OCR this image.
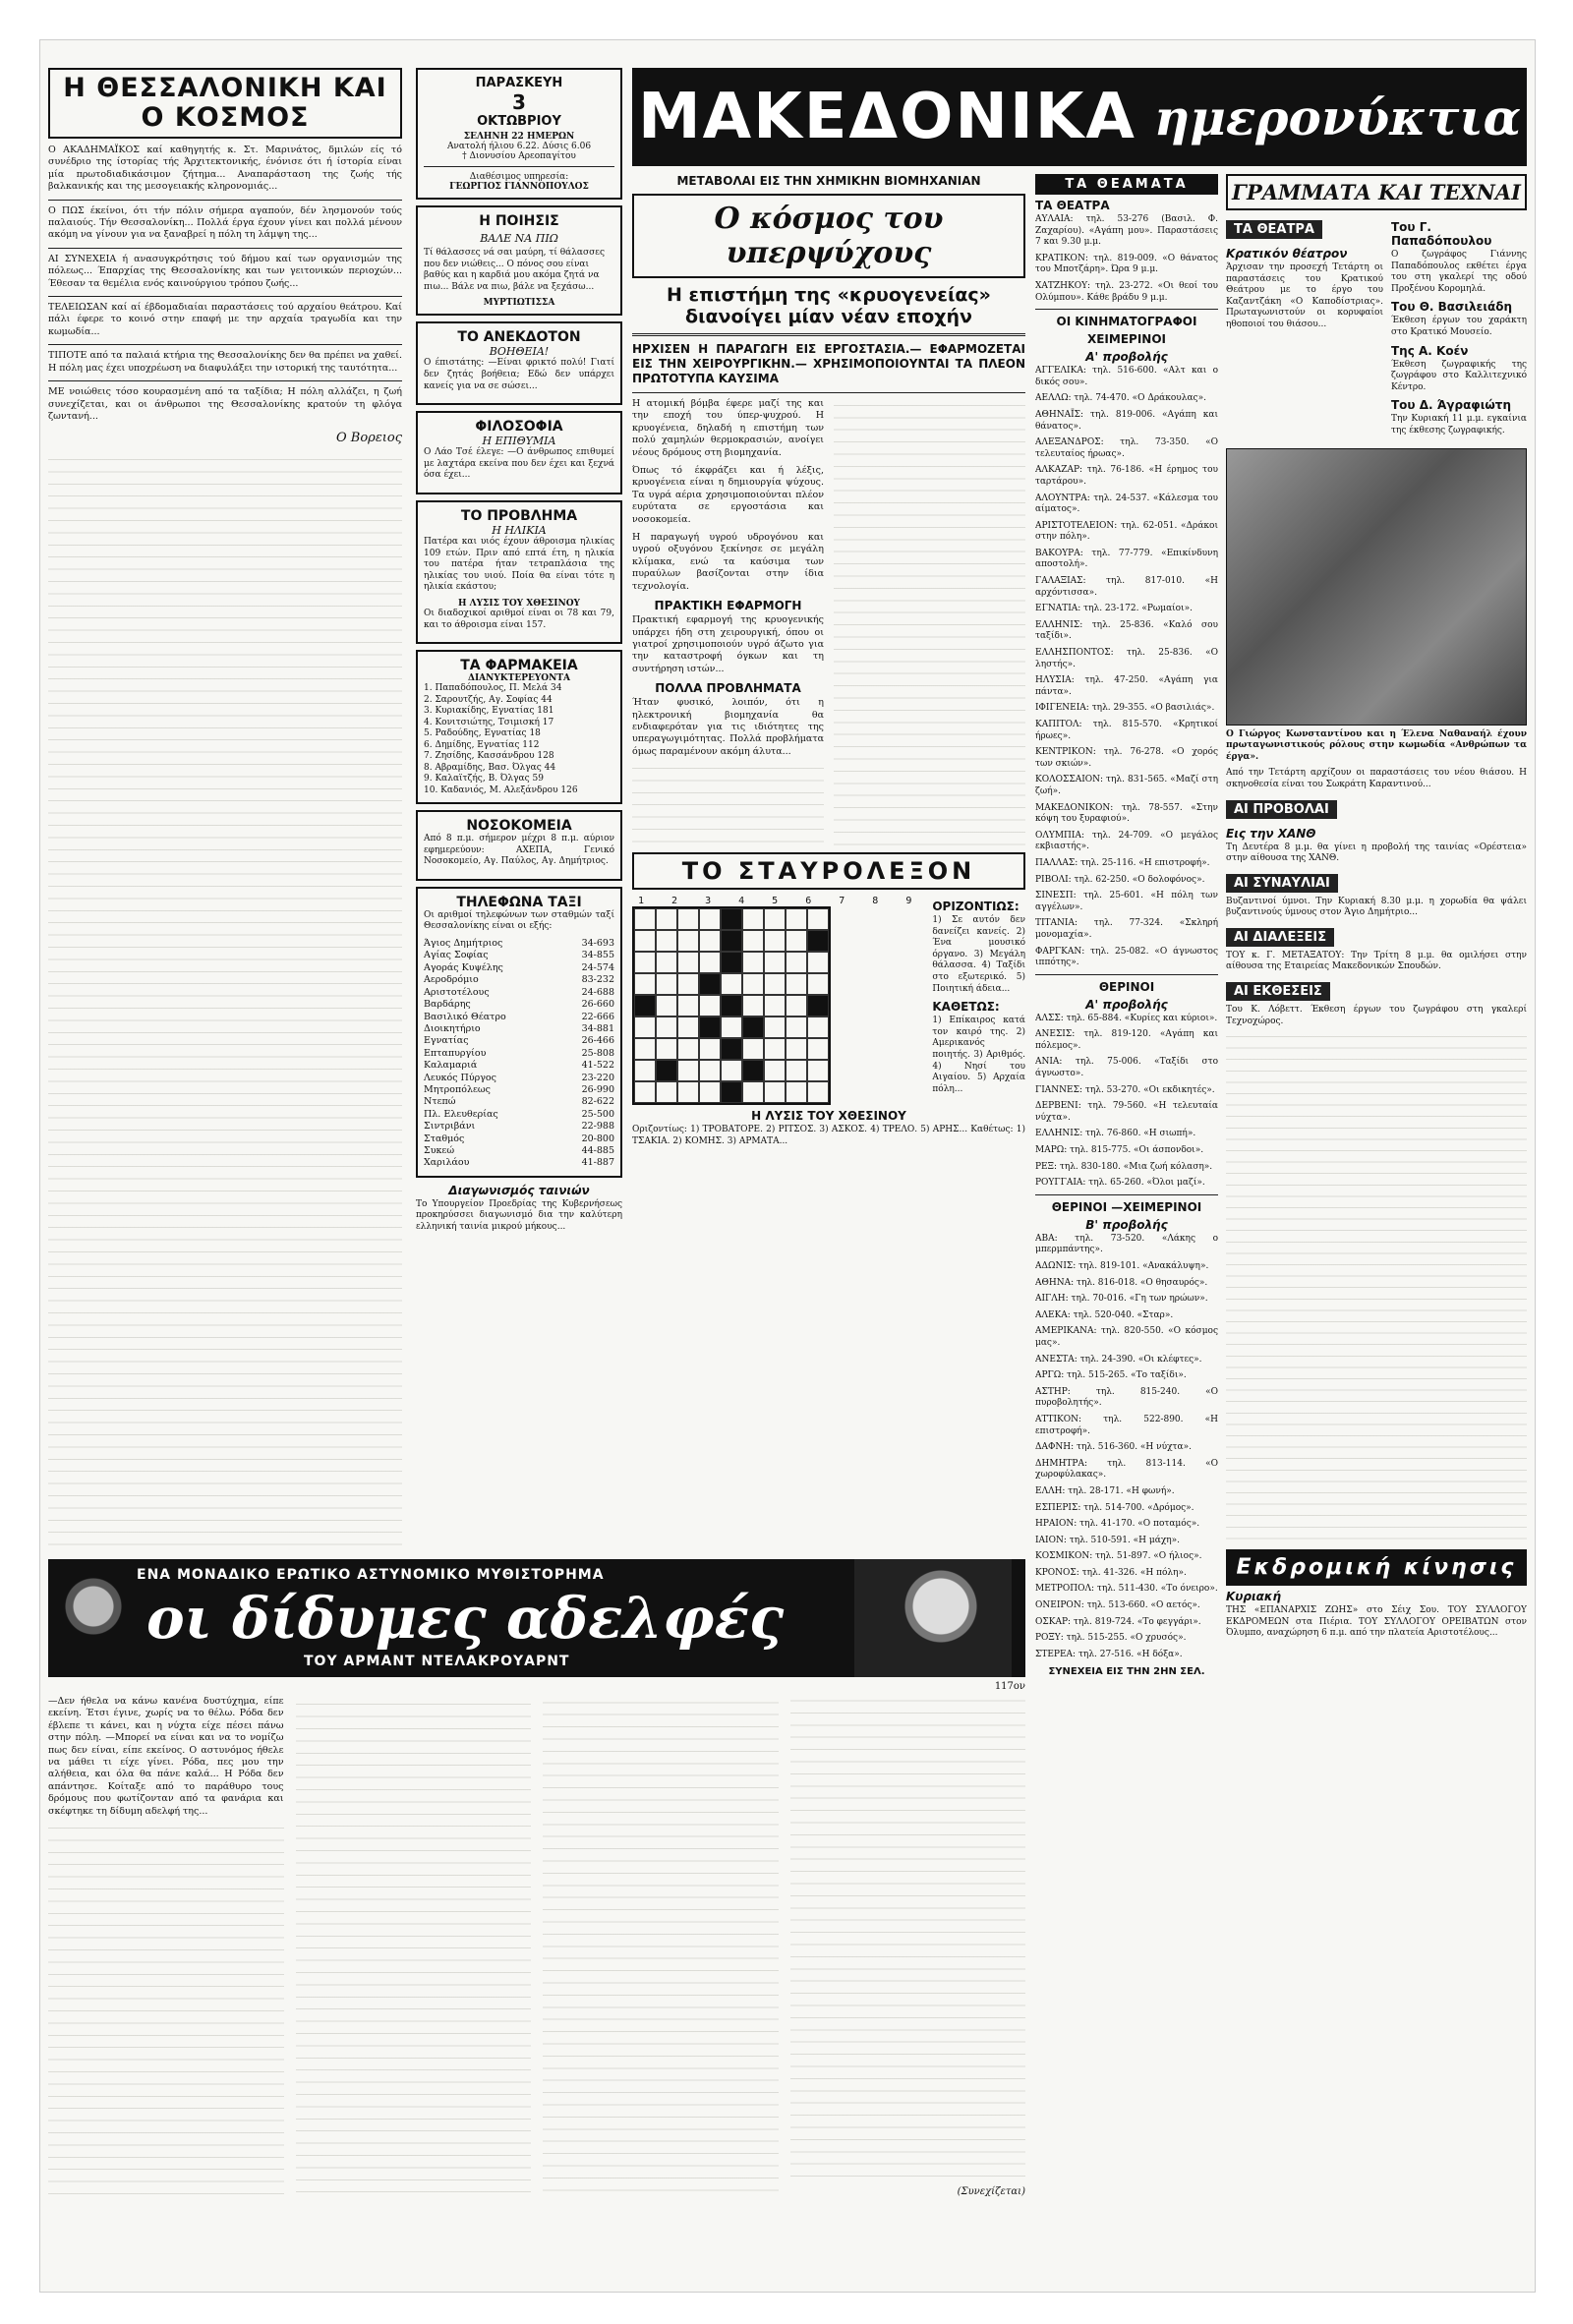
Η ΘΕΣΣΑΛΟΝΙΚΗ ΚΑΙ Ο ΚΟΣΜΟΣ

Ο ΑΚΑΔΗΜΑΪΚΟΣ καί καθηγητής κ. Στ. Μαρινάτος, δμιλών είς τό συνέδριο της ίστορίας τής Άρχιτεκτονικής, ένόνισε ότι ή ίστορία είναι μία πρωτοδιαδικάσιμον ζήτημα... Αναπαράσταση της ζωής τής βαλκανικής και της μεσογειακής κληρονομιάς...

Ο ΠΩΣ έκείνοι, ότι τήν πόλιν σήμερα αγαπούν, δέν λησμονούν τούς παλαιούς. Τήν Θεσσαλονίκη... Πολλά έργα έχουν γίνει και πολλά μένουν ακόμη να γίνουν για να ξαναβρεί η πόλη τη λάμψη της...

ΑΙ ΣΥΝΕΧΕΙΑ ή ανασυγκρότησις τού δήμου καί των οργανισμών της πόλεως... Έπαρχίας της Θεσσαλονίκης και των γειτονικών περιοχών... Έθεσαν τα θεμέλια ενός καινούργιου τρόπου ζωής...

ΤΕΛΕΙΩΣΑΝ καί αί έβδομαδιαίαι παραστάσεις τού αρχαίου θεάτρου. Καί πάλι έφερε το κοινό στην επαφή με την αρχαία τραγωδία και την κωμωδία...

ΤΙΠΟΤΕ από τα παλαιά κτήρια της Θεσσαλονίκης δεν θα πρέπει να χαθεί. Η πόλη μας έχει υποχρέωση να διαφυλάξει την ιστορική της ταυτότητα...

ΜΕ νοιώθεις τόσο κουρασμένη από τα ταξίδια; Η πόλη αλλάζει, η ζωή συνεχίζεται, και οι άνθρωποι της Θεσσαλονίκης κρατούν τη φλόγα ζωντανή...

Ο Βορειος
ΠΑΡΑΣΚΕΥΗ
3
ΟΚΤΩΒΡΙΟΥ
ΣΕΛΗΝΗ 22 ΗΜΕΡΩΝ
Ανατολή ήλιου 6.22. Δύσις 6.06
† Διονυσίου Αρεοπαγίτου
Διαθέσιμος υπηρεσία:
ΓΕΩΡΓΙΟΣ ΓΙΑΝΝΟΠΟΥΛΟΣ
Η ΠΟΙΗΣΙΣ
ΒΑΛΕ ΝΑ ΠΙΩ

Τί θάλασσες νά σαι μαύρη, τί θάλασσες που δεν νιώθεις... Ο πόνος σου είναι βαθύς και η καρδιά μου ακόμα ζητά να πιω... Βάλε να πιω, βάλε να ξεχάσω...

ΜΥΡΤΙΩΤΙΣΣΑ
ΤΟ ΑΝΕΚΔΟΤΟΝ
ΒΟΗΘΕΙΑ!

Ο έπιστάτης: —Είναι φρικτό πολύ! Γιατί δεν ζητάς βοήθεια; Εδώ δεν υπάρχει κανείς για να σε σώσει...

ΦΙΛΟΣΟΦΙΑ
Η ΕΠΙΘΥΜΙΑ

Ο Λάο Τσέ έλεγε: —Ο άνθρωπος επιθυμεί με λαχτάρα εκείνα που δεν έχει και ξεχνά όσα έχει...

ΤΟ ΠΡΟΒΛΗΜΑ
Η ΗΛΙΚΙΑ

Πατέρα και υιός έχουν άθροισμα ηλικίας 109 ετών. Πριν από επτά έτη, η ηλικία του πατέρα ήταν τετραπλάσια της ηλικίας του υιού. Ποία θα είναι τότε η ηλικία εκάστου;

Η ΛΥΣΙΣ ΤΟΥ ΧΘΕΣΙΝΟΥ

Οι διαδοχικοί αριθμοί είναι οι 78 και 79, και το άθροισμα είναι 157.

ΤΑ ΦΑΡΜΑΚΕΙΑ
ΔΙΑΝΥΚΤΕΡΕΥΟΝΤΑ
1. Παπαδόπουλος, Π. Μελά 34
2. Σαρουτζής, Αγ. Σοφίας 44
3. Κυριακίδης, Εγνατίας 181
4. Κονιτσιώτης, Τσιμισκή 17
5. Ραδούδης, Εγνατίας 18
6. Δημίδης, Εγνατίας 112
7. Ζησίδης, Κασσάνδρου 128
8. Αβραμίδης, Βασ. Όλγας 44
9. Καλαϊτζής, Β. Όλγας 59
10. Καδανιός, Μ. Αλεξάνδρου 126
ΝΟΣΟΚΟΜΕΙΑ

Από 8 π.μ. σήμερον μέχρι 8 π.μ. αύριον εφημερεύουν: ΑΧΕΠΑ, Γενικό Νοσοκομείο, Αγ. Παύλος, Αγ. Δημήτριος.

ΤΗΛΕΦΩΝΑ ΤΑΞΙ

Οι αριθμοί τηλεφώνων των σταθμών ταξί Θεσσαλονίκης είναι οι εξής:

Άγιος Δημήτριος	34-693
Αγίας Σοφίας	34-855
Αγοράς Κυψέλης	24-574
Αεροδρόμιο	83-232
Αριστοτέλους	24-688
Βαρδάρης	26-660
Βασιλικό Θέατρο	22-666
Διοικητήριο	34-881
Εγνατίας	26-466
Επταπυργίου	25-808
Καλαμαριά	41-522
Λευκός Πύργος	23-220
Μητροπόλεως	26-990
Ντεπώ	82-622
Πλ. Ελευθερίας	25-500
Σιντριβάνι	22-988
Σταθμός	20-800
Συκεώ	44-885
Χαριλάου	41-887
Διαγωνισμός ταινιών

Το Υπουργείον Προεδρίας της Κυβερνήσεως προκηρύσσει διαγωνισμό δια την καλύτερη ελληνική ταινία μικρού μήκους...

ΜΑΚΕΔΟΝΙΚΑ ημερονύκτια
ΜΕΤΑΒΟΛΑΙ ΕΙΣ ΤΗΝ ΧΗΜΙΚΗΝ ΒΙΟΜΗΧΑΝΙΑΝ
Ο κόσμος του υπερψύχους
Η επιστήμη της «κρυογενείας»
διανοίγει μίαν νέαν εποχήν

ΗΡΧΙΣΕΝ Η ΠΑΡΑΓΩΓΗ ΕΙΣ ΕΡΓΟΣΤΑΣΙΑ.— ΕΦΑΡΜΟΖΕΤΑΙ ΕΙΣ ΤΗΝ ΧΕΙΡΟΥΡΓΙΚΗΝ.— ΧΡΗΣΙΜΟΠΟΙΟΥΝΤΑΙ ΤΑ ΠΛΕΟΝ ΠΡΩΤΟΤΥΠΑ ΚΑΥΣΙΜΑ

Η ατομική βόμβα έφερε μαζί της και την εποχή του ύπερ-ψυχρού. Η κρυογένεια, δηλαδή η επιστήμη των πολύ χαμηλών θερμοκρασιών, ανοίγει νέους δρόμους στη βιομηχανία.

Όπως τό έκφράζει και ή λέξις, κρυογένεια είναι η δημιουργία ψύχους. Τα υγρά αέρια χρησιμοποιούνται πλέον ευρύτατα σε εργοστάσια και νοσοκομεία.

Η παραγωγή υγρού υδρογόνου και υγρού οξυγόνου ξεκίνησε σε μεγάλη κλίμακα, ενώ τα καύσιμα των πυραύλων βασίζονται στην ίδια τεχνολογία.

ΠΡΑΚΤΙΚΗ ΕΦΑΡΜΟΓΗ

Πρακτική εφαρμογή της κρυογενικής υπάρχει ήδη στη χειρουργική, όπου οι γιατροί χρησιμοποιούν υγρό άζωτο για την καταστροφή όγκων και τη συντήρηση ιστών...

ΠΟΛΛΑ ΠΡΟΒΛΗΜΑΤΑ

Ήταν φυσικό, λοιπόν, ότι η ηλεκτρονική βιομηχανία θα ενδιαφερόταν για τις ιδιότητες της υπεραγωγιμότητας. Πολλά προβλήματα όμως παραμένουν ακόμη άλυτα...

ΤΟ ΣΤΑΥΡΟΛΕΞΟΝ
1 2 3 4 5 6 7 8 9 ΟΡΙΖΟΝΤΙΩΣ:

1) Σε αυτόν δεν δανείζει κανείς. 2) Ένα μουσικό όργανο. 3) Μεγάλη θάλασσα. 4) Ταξίδι στο εξωτερικό. 5) Ποιητική άδεια...

ΚΑΘΕΤΩΣ:

1) Επίκαιρος κατά τον καιρό της. 2) Αμερικανός ποιητής. 3) Αριθμός. 4) Νησί του Αιγαίου. 5) Αρχαία πόλη...

Η ΛΥΣΙΣ ΤΟΥ ΧΘΕΣΙΝΟΥ

Οριζοντίως: 1) ΤΡΟΒΑΤΟΡΕ. 2) ΡΙΤΣΟΣ. 3) ΑΣΚΟΣ. 4) ΤΡΕΛΟ. 5) ΑΡΗΣ... Καθέτως: 1) ΤΣΑΚΙΑ. 2) ΚΟΜΗΣ. 3) ΑΡΜΑΤΑ...

ΤΑ ΘΕΑΜΑΤΑ
ΤΑ ΘΕΑΤΡΑ

ΑΥΛΑΙΑ: τηλ. 53-276 (Βασιλ. Φ. Ζαχαρίου). «Αγάπη μου». Παραστάσεις 7 και 9.30 μ.μ.

ΚΡΑΤΙΚΟΝ: τηλ. 819-009. «Ο θάνατος του Μποτζάρη». Ώρα 9 μ.μ.

ΧΑΤΖΗΚΟΥ: τηλ. 23-272. «Οι θεοί του Ολύμπου». Κάθε βράδυ 9 μ.μ.

ΟΙ ΚΙΝΗΜΑΤΟΓΡΑΦΟΙ
ΧΕΙΜΕΡΙΝΟΙ
Α' προβολής

ΑΓΓΕΛΙΚΑ: τηλ. 516-600. «Αλτ και ο δικός σου».

ΑΕΛΛΩ: τηλ. 74-470. «Ο Δράκουλας».

ΑΘΗΝΑΪΣ: τηλ. 819-006. «Αγάπη και θάνατος».

ΑΛΕΞΑΝΔΡΟΣ: τηλ. 73-350. «Ο τελευταίος ήρωας».

ΑΛΚΑΖΑΡ: τηλ. 76-186. «Η έρημος του ταρτάρου».

ΑΛΟΥΝΤΡΑ: τηλ. 24-537. «Κάλεσμα του αίματος».

ΑΡΙΣΤΟΤΕΛΕΙΟΝ: τηλ. 62-051. «Δράκοι στην πόλη».

ΒΑΚΟΥΡΑ: τηλ. 77-779. «Επικίνδυνη αποστολή».

ΓΑΛΑΞΙΑΣ: τηλ. 817-010. «Η αρχόντισσα».

ΕΓΝΑΤΙΑ: τηλ. 23-172. «Ρωμαίοι».

ΕΛΛΗΝΙΣ: τηλ. 25-836. «Καλό σου ταξίδι».

ΕΛΛΗΣΠΟΝΤΟΣ: τηλ. 25-836. «Ο ληστής».

ΗΛΥΣΙΑ: τηλ. 47-250. «Αγάπη για πάντα».

ΙΦΙΓΕΝΕΙΑ: τηλ. 29-355. «Ο βασιλιάς».

ΚΑΠΙΤΟΛ: τηλ. 815-570. «Κρητικοί ήρωες».

ΚΕΝΤΡΙΚΟΝ: τηλ. 76-278. «Ο χορός των σκιών».

ΚΟΛΟΣΣΑΙΟΝ: τηλ. 831-565. «Μαζί στη ζωή».

ΜΑΚΕΔΟΝΙΚΟΝ: τηλ. 78-557. «Στην κόψη του ξυραφιού».

ΟΛΥΜΠΙΑ: τηλ. 24-709. «Ο μεγάλος εκβιαστής».

ΠΑΛΛΑΣ: τηλ. 25-116. «Η επιστροφή».

ΡΙΒΟΛΙ: τηλ. 62-250. «Ο δολοφόνος».

ΣΙΝΕΣΠ: τηλ. 25-601. «Η πόλη των αγγέλων».

ΤΙΤΑΝΙΑ: τηλ. 77-324. «Σκληρή μονομαχία».

ΦΑΡΓΚΑΝ: τηλ. 25-082. «Ο άγνωστος ιππότης».

ΘΕΡΙΝΟΙ
Α' προβολής

ΑΛΣΣ: τηλ. 65-884. «Κυρίες και κύριοι».

ΑΝΕΣΙΣ: τηλ. 819-120. «Αγάπη και πόλεμος».

ΑΝΙΑ: τηλ. 75-006. «Ταξίδι στο άγνωστο».

ΓΙΑΝΝΕΣ: τηλ. 53-270. «Οι εκδικητές».

ΔΕΡΒΕΝΙ: τηλ. 79-560. «Η τελευταία νύχτα».

ΕΛΛΗΝΙΣ: τηλ. 76-860. «Η σιωπή».

ΜΑΡΩ: τηλ. 815-775. «Οι άσπονδοι».

ΡΕΞ: τηλ. 830-180. «Μια ζωή κόλαση».

ΡΟΥΓΓΑΙΑ: τηλ. 65-260. «Όλοι μαζί».

ΘΕΡΙΝΟΙ —ΧΕΙΜΕΡΙΝΟΙ
Β' προβολής

ΑΒΑ: τηλ. 73-520. «Λάκης ο μπερμπάντης».

ΑΔΩΝΙΣ: τηλ. 819-101. «Ανακάλυψη».

ΑΘΗΝΑ: τηλ. 816-018. «Ο θησαυρός».

ΑΙΓΛΗ: τηλ. 70-016. «Γη των ηρώων».

ΑΛΕΚΑ: τηλ. 520-040. «Σταρ».

ΑΜΕΡΙΚΑΝΑ: τηλ. 820-550. «Ο κόσμος μας».

ΑΝΕΣΤΑ: τηλ. 24-390. «Οι κλέφτες».

ΑΡΓΩ: τηλ. 515-265. «Το ταξίδι».

ΑΣΤΗΡ: τηλ. 815-240. «Ο πυροβολητής».

ΑΤΤΙΚΟΝ: τηλ. 522-890. «Η επιστροφή».

ΔΑΦΝΗ: τηλ. 516-360. «Η νύχτα».

ΔΗΜΗΤΡΑ: τηλ. 813-114. «Ο χωροφύλακας».

ΕΛΛΗ: τηλ. 28-171. «Η φωνή».

ΕΣΠΕΡΙΣ: τηλ. 514-700. «Δρόμος».

ΗΡΑΙΟΝ: τηλ. 41-170. «Ο ποταμός».

ΙΑΙΟΝ: τηλ. 510-591. «Η μάχη».

ΚΟΣΜΙΚΟΝ: τηλ. 51-897. «Ο ήλιος».

ΚΡΟΝΟΣ: τηλ. 41-326. «Η πόλη».

ΜΕΤΡΟΠΟΛ: τηλ. 511-430. «Το όνειρο».

ΟΝΕΙΡΟΝ: τηλ. 513-660. «Ο αετός».

ΟΣΚΑΡ: τηλ. 819-724. «Το φεγγάρι».

ΡΟΞΥ: τηλ. 515-255. «Ο χρυσός».

ΣΤΕΡΕΑ: τηλ. 27-516. «Η δόξα».

ΣΥΝΕΧΕΙΑ ΕΙΣ ΤΗΝ 2ΗΝ ΣΕΛ.
ΓΡΑΜΜΑΤΑ ΚΑΙ ΤΕΧΝΑΙ
ΤΑ ΘΕΑΤΡΑ
Κρατικόν θέατρον

Άρχισαν την προσεχή Τετάρτη οι παραστάσεις του Κρατικού Θεάτρου με το έργο του Καζαντζάκη «Ο Καποδίστριας». Πρωταγωνιστούν οι κορυφαίοι ηθοποιοί του θιάσου...

Του Γ. Παπαδόπουλου

Ο ζωγράφος Γιάννης Παπαδόπουλος εκθέτει έργα του στη γκαλερί της οδού Προξένου Κορομηλά.

Του Θ. Βασιλειάδη

Έκθεση έργων του χαράκτη στο Κρατικό Μουσείο.

Της Α. Κοέν

Έκθεση ζωγραφικής της ζωγράφου στο Καλλιτεχνικό Κέντρο.

Του Δ. Άγραφιώτη

Την Κυριακή 11 μ.μ. εγκαίνια της έκθεσης ζωγραφικής.

Ο Γιώργος Κωνσταντίνου και η Έλενα Ναθαναήλ έχουν πρωταγωνιστικούς ρόλους στην κωμωδία «Ανθρώπων τα έργα».

Από την Τετάρτη αρχίζουν οι παραστάσεις του νέου θιάσου. Η σκηνοθεσία είναι του Σωκράτη Καραντινού...

ΑΙ ΠΡΟΒΟΛΑΙ
Εις την ΧΑΝΘ

Τη Δευτέρα 8 μ.μ. θα γίνει η προβολή της ταινίας «Ορέστεια» στην αίθουσα της ΧΑΝΘ.

ΑΙ ΣΥΝΑΥΛΙΑΙ

Βυζαντινοί ύμνοι. Την Κυριακή 8.30 μ.μ. η χορωδία θα ψάλει βυζαντινούς ύμνους στον Άγιο Δημήτριο...

ΑΙ ΔΙΑΛΕΞΕΙΣ

ΤΟΥ κ. Γ. ΜΕΤΑΞΑΤΟΥ: Την Τρίτη 8 μ.μ. θα ομιλήσει στην αίθουσα της Εταιρείας Μακεδονικών Σπουδών.

ΑΙ ΕΚΘΕΣΕΙΣ

Του Κ. Λόβεττ. Έκθεση έργων του ζωγράφου στη γκαλερί Τεχνοχώρος.

Εκδρομική κίνησις
Κυριακή

ΤΗΣ «ΕΠΑΝΑΡΧΙΣ ΖΩΗΣ» στο Σέιχ Σου. ΤΟΥ ΣΥΛΛΟΓΟΥ ΕΚΔΡΟΜΕΩΝ στα Πιέρια. ΤΟΥ ΣΥΛΛΟΓΟΥ ΟΡΕΙΒΑΤΩΝ στον Όλυμπο, αναχώρηση 6 π.μ. από την πλατεία Αριστοτέλους...

ΕΝΑ ΜΟΝΑΔΙΚΟ ΕΡΩΤΙΚΟ ΑΣΤΥΝΟΜΙΚΟ ΜΥΘΙΣΤΟΡΗΜΑ
οι δίδυμες αδελφές
ΤΟΥ ΑΡΜΑΝΤ ΝΤΕΛΑΚΡΟΥΑΡΝΤ
117ον

—Δεν ήθελα να κάνω κανένα δυστύχημα, είπε εκείνη. Έτσι έγινε, χωρίς να το θέλω. Ρόδα δεν έβλεπε τι κάνει, και η νύχτα είχε πέσει πάνω στην πόλη. —Μπορεί να είναι και να το νομίζω πως δεν είναι, είπε εκείνος. Ο αστυνόμος ήθελε να μάθει τι είχε γίνει. Ρόδα, πες μου την αλήθεια, και όλα θα πάνε καλά... Η Ρόδα δεν απάντησε. Κοίταξε από το παράθυρο τους δρόμους που φωτίζονταν από τα φανάρια και σκέφτηκε τη δίδυμη αδελφή της...

(Συνεχίζεται)
